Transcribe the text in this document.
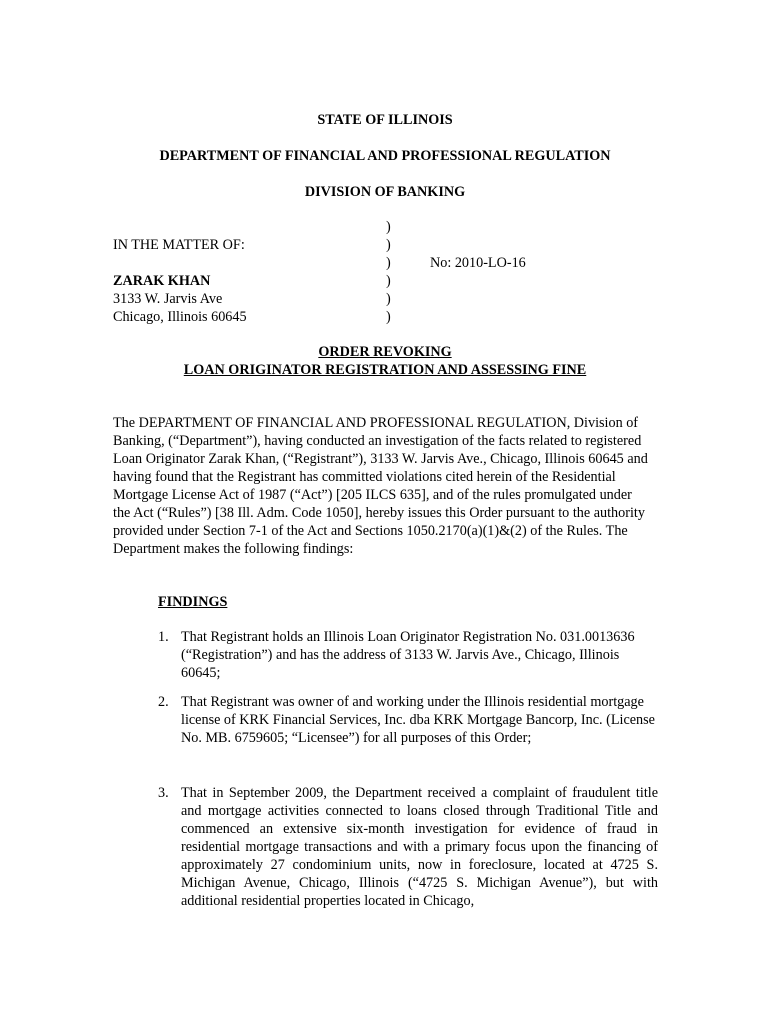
STATE OF ILLINOIS
DEPARTMENT OF FINANCIAL AND PROFESSIONAL REGULATION
DIVISION OF BANKING
IN THE MATTER OF:
ZARAK KHAN
3133 W. Jarvis Ave
Chicago, Illinois 60645
)
)
)
)
)
)
No: 2010-LO-16
ORDER REVOKING
LOAN ORIGINATOR REGISTRATION AND ASSESSING FINE

The DEPARTMENT OF FINANCIAL AND PROFESSIONAL REGULATION, Division of Banking, (“Department”), having conducted an investigation of the facts related to registered Loan Originator Zarak Khan, (“Registrant”), 3133 W. Jarvis Ave., Chicago, Illinois 60645 and having found that the Registrant has committed violations cited herein of the Residential Mortgage License Act of 1987 (“Act”) [205 ILCS 635], and of the rules promulgated under the Act (“Rules”) [38 Ill. Adm. Code 1050], hereby issues this Order pursuant to the authority provided under Section 7-1 of the Act and Sections 1050.2170(a)(1)&(2) of the Rules. The Department makes the following findings:

FINDINGS
1. That Registrant holds an Illinois Loan Originator Registration No. 031.0013636 (“Registration”) and has the address of 3133 W. Jarvis Ave., Chicago, Illinois 60645;
2. That Registrant was owner of and working under the Illinois residential mortgage license of KRK Financial Services, Inc. dba KRK Mortgage Bancorp, Inc. (License No. MB. 6759605; “Licensee”) for all purposes of this Order;
3. That in September 2009, the Department received a complaint of fraudulent title and mortgage activities connected to loans closed through Traditional Title and commenced an extensive six-month investigation for evidence of fraud in residential mortgage transactions and with a primary focus upon the financing of approximately 27 condominium units, now in foreclosure, located at 4725 S. Michigan Avenue, Chicago, Illinois (“4725 S. Michigan Avenue”), but with additional residential properties located in Chicago,
